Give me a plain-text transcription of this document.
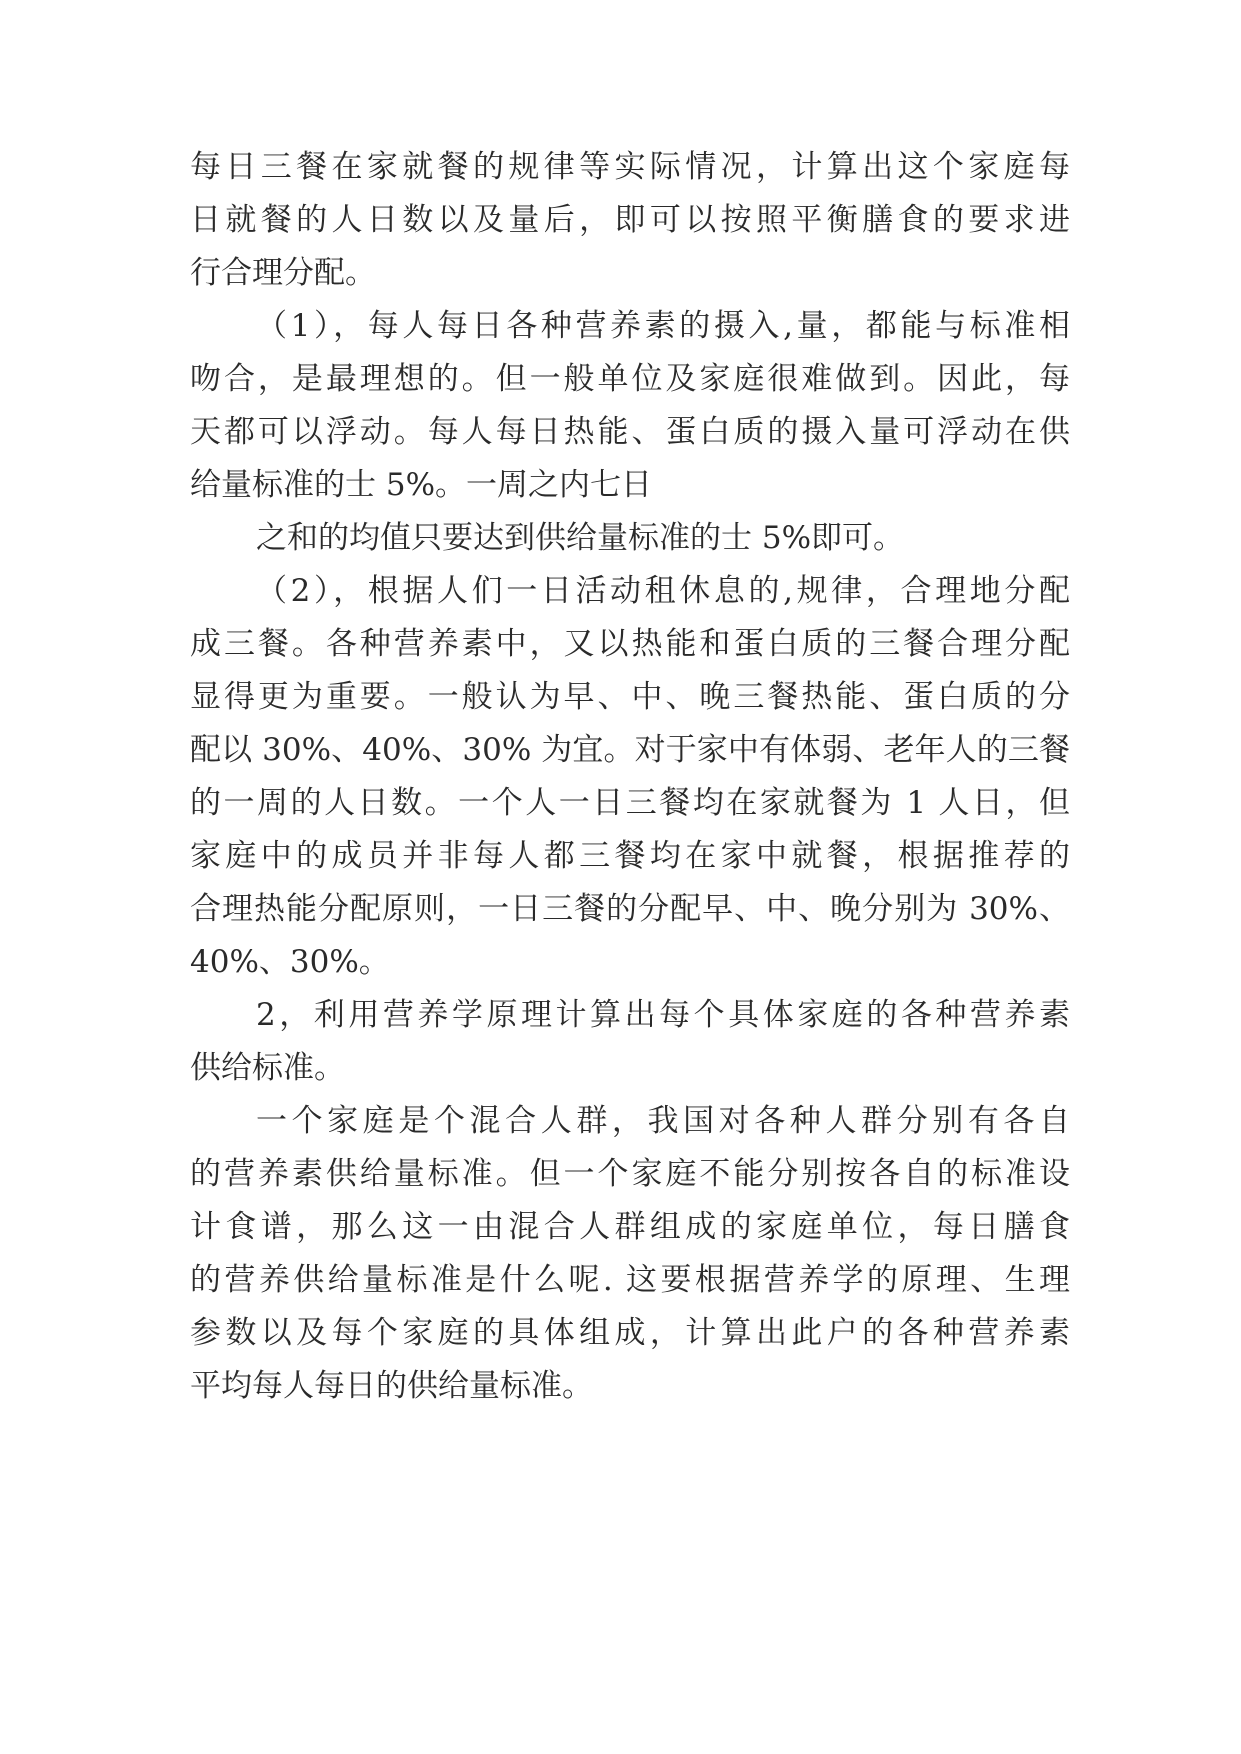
每日三餐在家就餐的规律等实际情况，计算出这个家庭每
日就餐的人日数以及量后，即可以按照平衡膳食的要求进
行合理分配。
（1），每人每日各种营养素的摄入,量，都能与标准相
吻合，是最理想的。但一般单位及家庭很难做到。因此，每
天都可以浮动。每人每日热能、蛋白质的摄入量可浮动在供
给量标准的士 5%。一周之内七日
之和的均值只要达到供给量标准的士 5%即可。
（2），根据人们一日活动租休息的,规律，合理地分配
成三餐。各种营养素中，又以热能和蛋白质的三餐合理分配
显得更为重要。一般认为早、中、晚三餐热能、蛋白质的分
配以 30%、40%、30% 为宜。对于家中有体弱、老年人的三餐
的一周的人日数。一个人一日三餐均在家就餐为 1 人日，但
家庭中的成员并非每人都三餐均在家中就餐，根据推荐的
合理热能分配原则，一日三餐的分配早、中、晚分别为 30%、
40%、30%。
2，利用营养学原理计算出每个具体家庭的各种营养素
供给标准。
一个家庭是个混合人群，我国对各种人群分别有各自
的营养素供给量标准。但一个家庭不能分别按各自的标准设
计食谱，那么这一由混合人群组成的家庭单位，每日膳食
的营养供给量标准是什么呢. 这要根据营养学的原理、生理
参数以及每个家庭的具体组成，计算出此户的各种营养素
平均每人每日的供给量标准。
